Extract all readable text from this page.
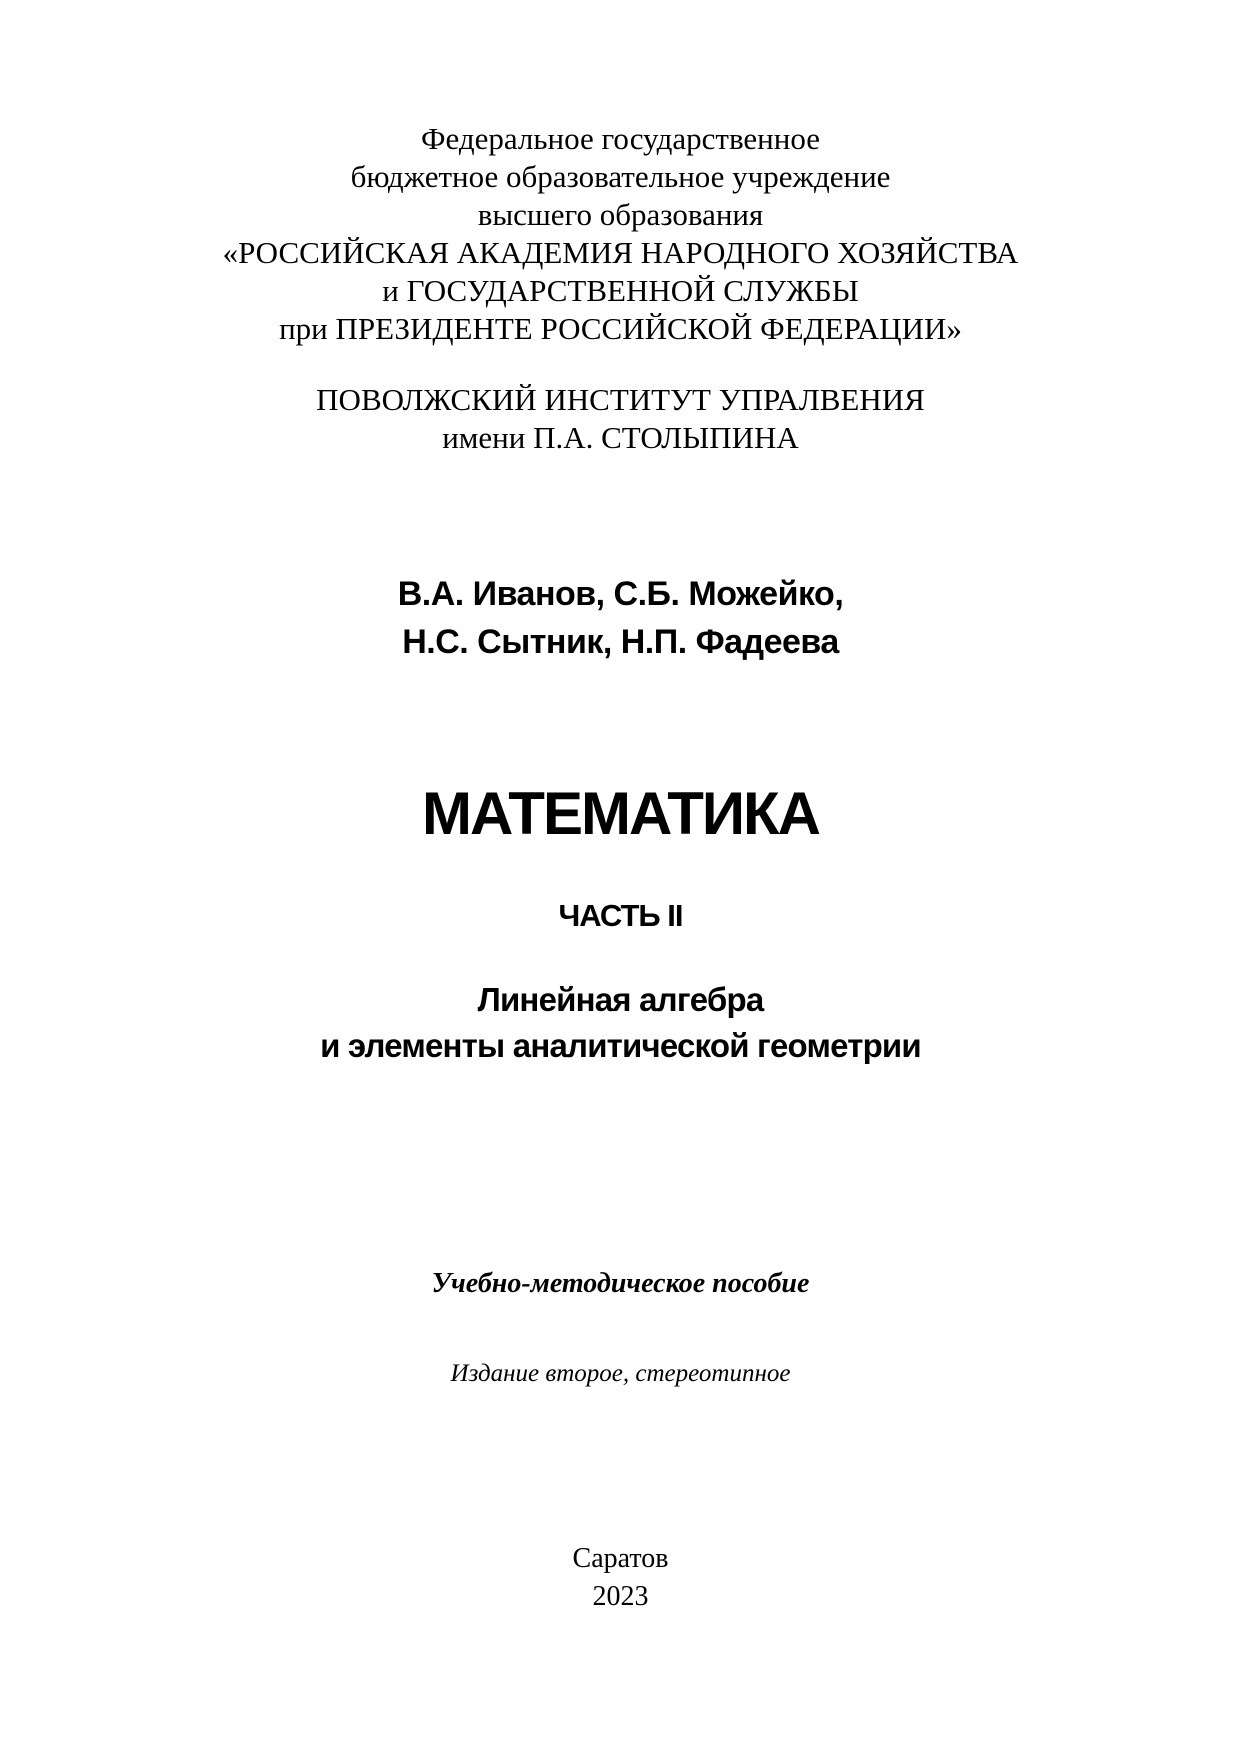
Федеральное государственное
бюджетное образовательное учреждение
высшего образования
«РОССИЙСКАЯ АКАДЕМИЯ НАРОДНОГО ХОЗЯЙСТВА
и ГОСУДАРСТВЕННОЙ СЛУЖБЫ
при ПРЕЗИДЕНТЕ РОССИЙСКОЙ ФЕДЕРАЦИИ»
ПОВОЛЖСКИЙ ИНСТИТУТ УПРАЛВЕНИЯ
имени П.А. СТОЛЫПИНА
В.А. Иванов, С.Б. Можейко,
Н.С. Сытник, Н.П. Фадеева
МАТЕМАТИКА
ЧАСТЬ II
Линейная алгебра
и элементы аналитической геометрии
Учебно-методическое пособие
Издание второе, стереотипное
Саратов
2023
